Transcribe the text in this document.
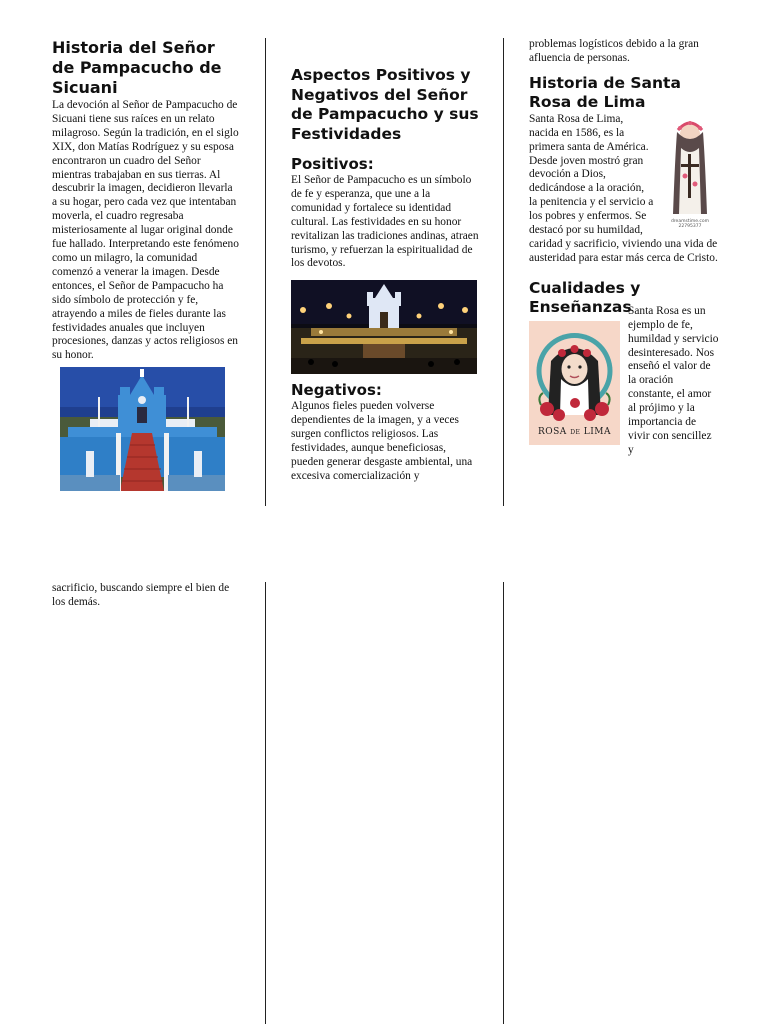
Historia del Señor de Pampacucho de Sicuani

La devoción al Señor de Pampacucho de Sicuani tiene sus raíces en un relato milagroso. Según la tradición, en el siglo XIX, don Matías Rodríguez y su esposa encontraron un cuadro del Señor mientras trabajaban en sus tierras. Al descubrir la imagen, decidieron llevarla a su hogar, pero cada vez que intentaban moverla, el cuadro regresaba misteriosamente al lugar original donde fue hallado. Interpretando este fenómeno como un milagro, la comunidad comenzó a venerar la imagen. Desde entonces, el Señor de Pampacucho ha sido símbolo de protección y fe, atrayendo a miles de fieles durante las festividades anuales que incluyen procesiones, danzas y actos religiosos en su honor.

Aspectos Positivos y Negativos del Señor de Pampacucho y sus Festividades
Positivos:

El Señor de Pampacucho es un símbolo de fe y esperanza, que une a la comunidad y fortalece su identidad cultural. Las festividades en su honor revitalizan las tradiciones andinas, atraen turismo, y refuerzan la espiritualidad de los devotos.

Negativos:

Algunos fieles pueden volverse dependientes de la imagen, y a veces surgen conflictos religiosos. Las festividades, aunque beneficiosas, pueden generar desgaste ambiental, una excesiva comercialización y

problemas logísticos debido a la gran afluencia de personas.

Historia de Santa Rosa de Lima
dreamstime.com 22795377

Santa Rosa de Lima, nacida en 1586, es la primera santa de América. Desde joven mostró gran devoción a Dios, dedicándose a la oración, la penitencia y el servicio a los pobres y enfermos. Se destacó por su humildad, caridad y sacrificio, viviendo una vida de austeridad para estar más cerca de Cristo.

Cualidades y Enseñanzas

ROSA DE LIMA

Santa Rosa es un ejemplo de fe, humildad y servicio desinteresado. Nos enseñó el valor de la oración constante, el amor al prójimo y la importancia de vivir con sencillez y

sacrificio, buscando siempre el bien de los demás.
